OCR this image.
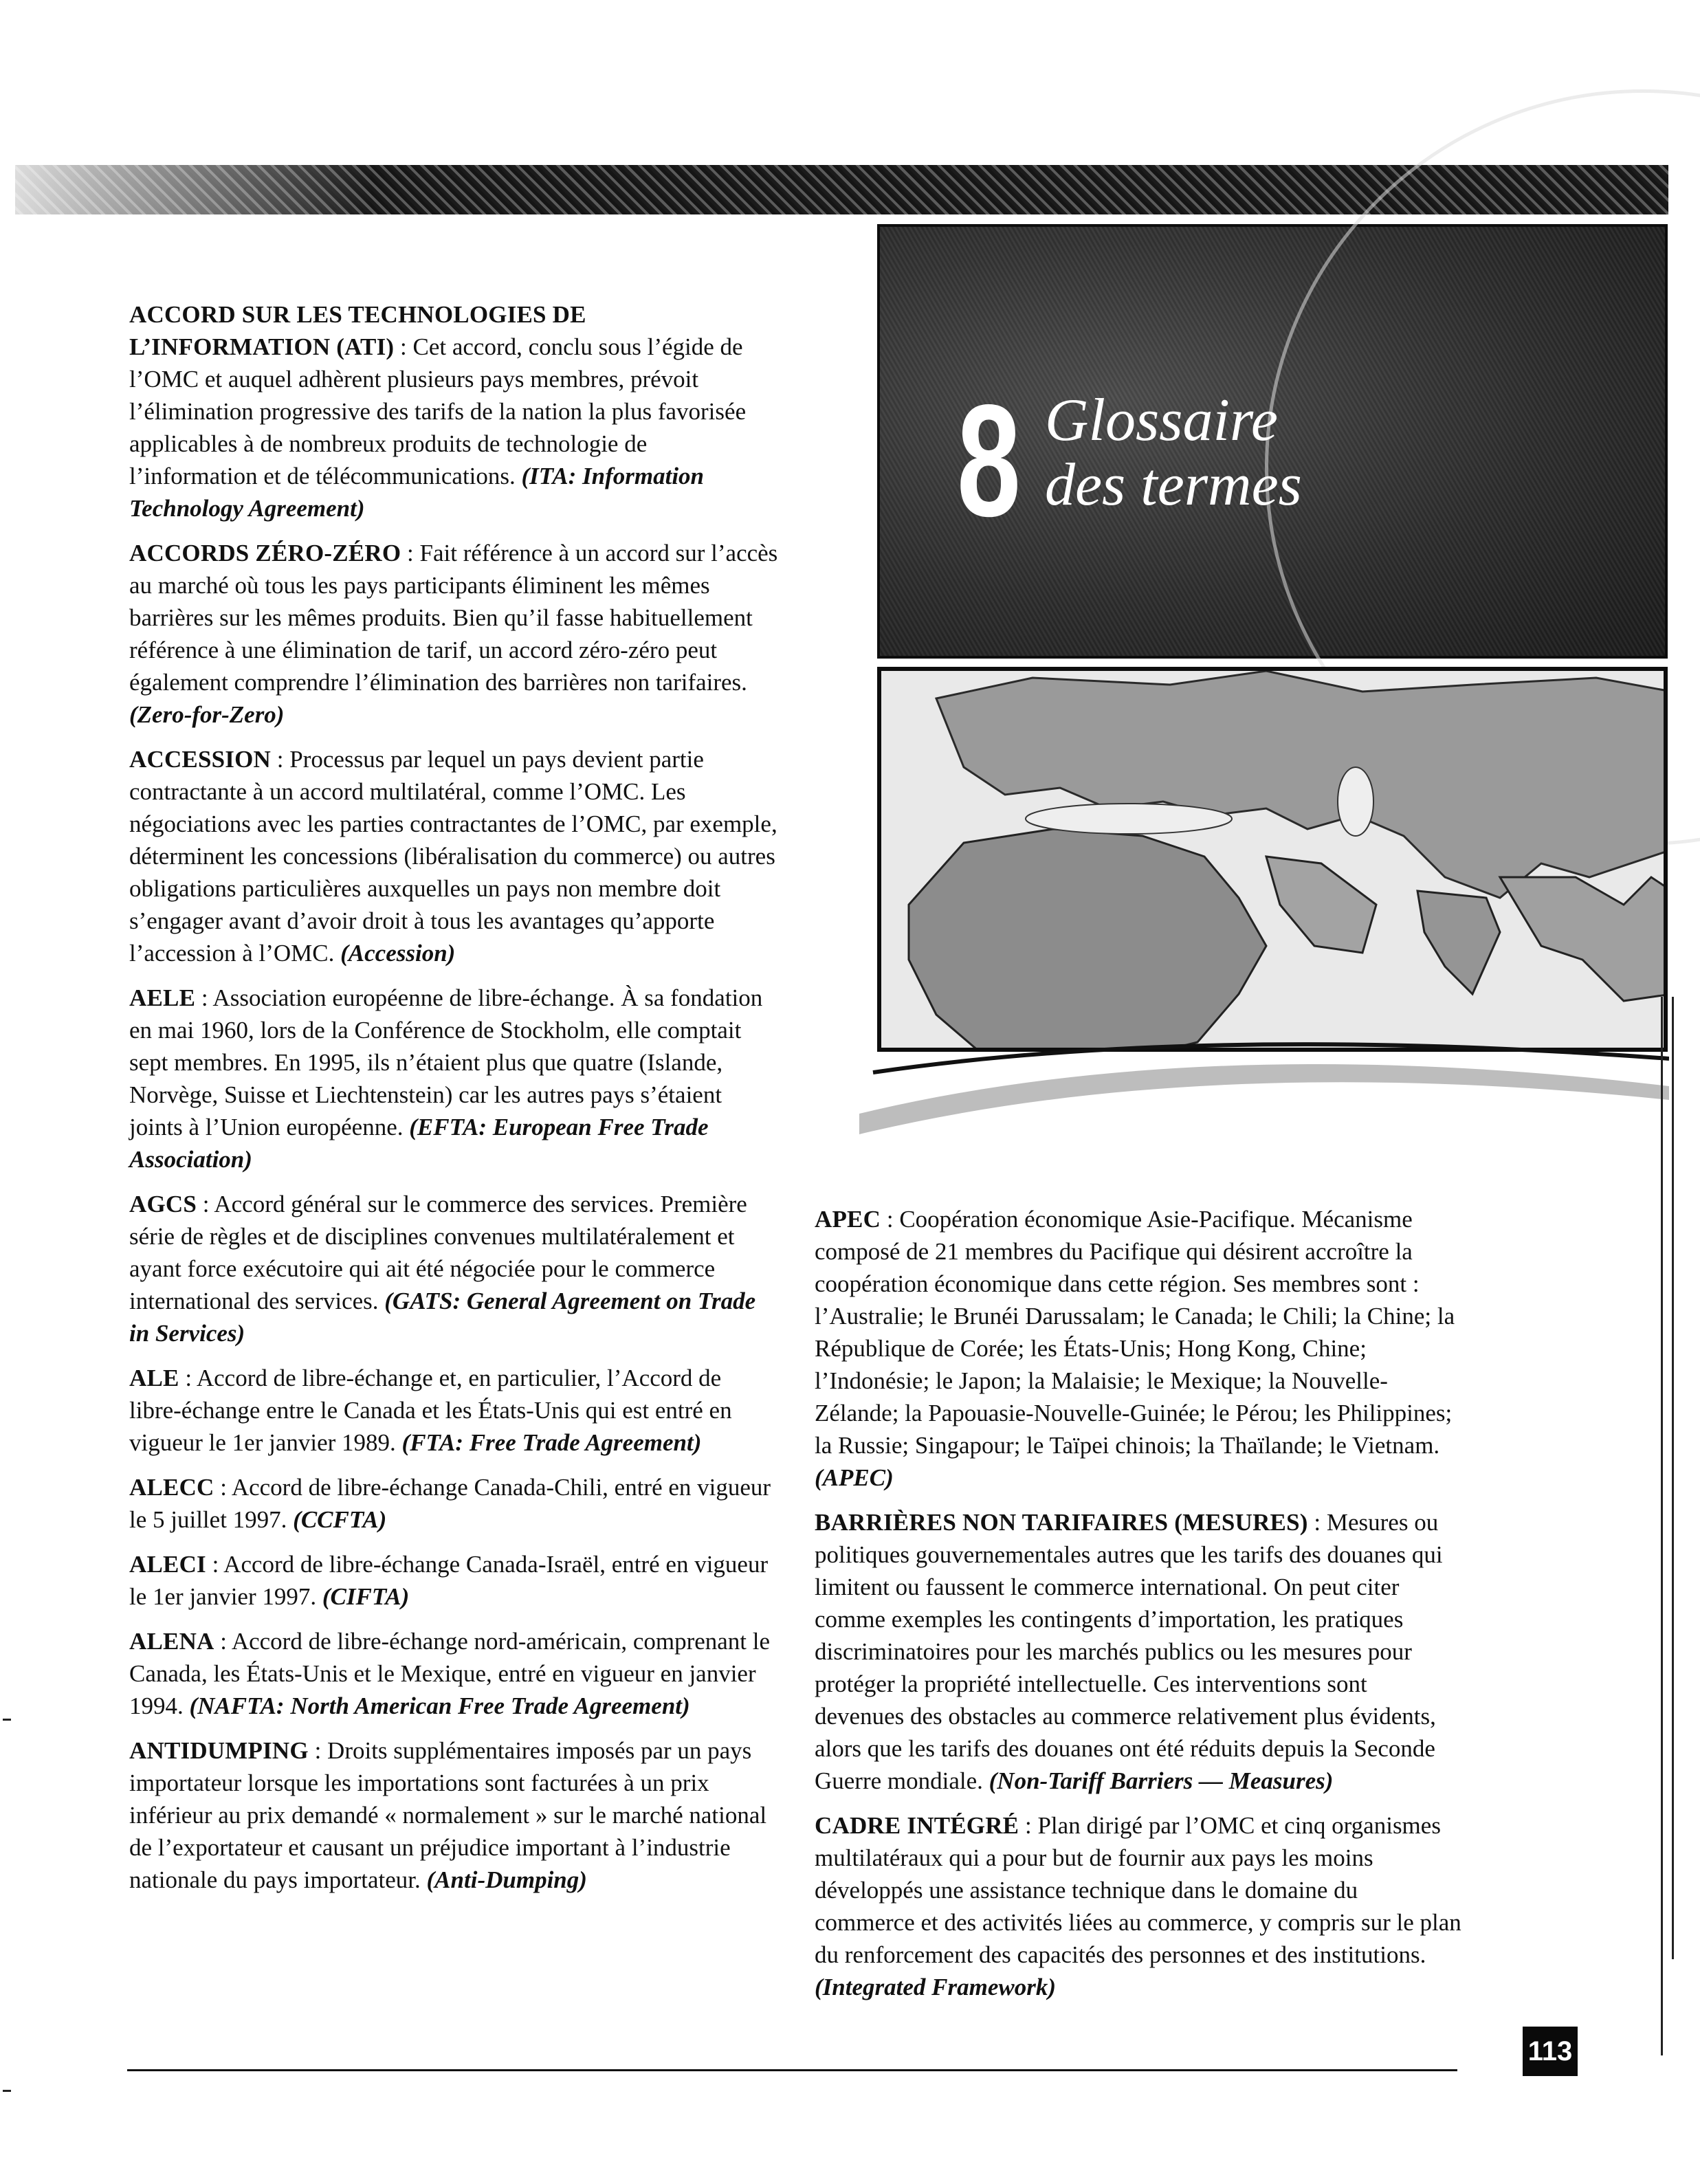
ACCORD SUR LES TECHNOLOGIES DE L’INFORMATION (ATI) : Cet accord, conclu sous l’égide de l’OMC et auquel adhèrent plusieurs pays membres, prévoit l’élimination progressive des tarifs de la nation la plus favorisée applicables à de nombreux produits de technologie de l’information et de télécommunications. (ITA: Information Technology Agreement)

ACCORDS ZÉRO-ZÉRO : Fait référence à un accord sur l’accès au marché où tous les pays participants éliminent les mêmes barrières sur les mêmes produits. Bien qu’il fasse habituellement référence à une élimination de tarif, un accord zéro-zéro peut également comprendre l’élimination des barrières non tarifaires. (Zero-for-Zero)

ACCESSION : Processus par lequel un pays devient partie contractante à un accord multilatéral, comme l’OMC. Les négociations avec les parties contractantes de l’OMC, par exemple, déterminent les concessions (libéralisation du commerce) ou autres obligations particulières auxquelles un pays non membre doit s’engager avant d’avoir droit à tous les avantages qu’apporte l’accession à l’OMC. (Accession)

AELE : Association européenne de libre-échange. À sa fondation en mai 1960, lors de la Conférence de Stockholm, elle comptait sept membres. En 1995, ils n’étaient plus que quatre (Islande, Norvège, Suisse et Liechtenstein) car les autres pays s’étaient joints à l’Union européenne. (EFTA: European Free Trade Association)

AGCS : Accord général sur le commerce des services. Première série de règles et de disciplines convenues multilatéralement et ayant force exécutoire qui ait été négociée pour le commerce international des services. (GATS: General Agreement on Trade in Services)

ALE : Accord de libre-échange et, en particulier, l’Accord de libre-échange entre le Canada et les États-Unis qui est entré en vigueur le 1er janvier 1989. (FTA: Free Trade Agreement)

ALECC : Accord de libre-échange Canada-Chili, entré en vigueur le 5 juillet 1997. (CCFTA)

ALECI : Accord de libre-échange Canada-Israël, entré en vigueur le 1er janvier 1997. (CIFTA)

ALENA : Accord de libre-échange nord-américain, comprenant le Canada, les États-Unis et le Mexique, entré en vigueur en janvier 1994. (NAFTA: North American Free Trade Agreement)

ANTIDUMPING : Droits supplémentaires imposés par un pays importateur lorsque les importations sont facturées à un prix inférieur au prix demandé « normalement » sur le marché national de l’exportateur et causant un préjudice important à l’industrie nationale du pays importateur. (Anti-Dumping)

8 Glossaire
des termes

APEC : Coopération économique Asie-Pacifique. Mécanisme composé de 21 membres du Pacifique qui désirent accroître la coopération économique dans cette région. Ses membres sont : l’Australie; le Brunéi Darussalam; le Canada; le Chili; la Chine; la République de Corée; les États-Unis; Hong Kong, Chine; l’Indonésie; le Japon; la Malaisie; le Mexique; la Nouvelle-Zélande; la Papouasie-Nouvelle-Guinée; le Pérou; les Philippines; la Russie; Singapour; le Taïpei chinois; la Thaïlande; le Vietnam. (APEC)

BARRIÈRES NON TARIFAIRES (MESURES) : Mesures ou politiques gouvernementales autres que les tarifs des douanes qui limitent ou faussent le commerce international. On peut citer comme exemples les contingents d’importation, les pratiques discriminatoires pour les marchés publics ou les mesures pour protéger la propriété intellectuelle. Ces interventions sont devenues des obstacles au commerce relativement plus évidents, alors que les tarifs des douanes ont été réduits depuis la Seconde Guerre mondiale. (Non-Tariff Barriers — Measures)

CADRE INTÉGRÉ : Plan dirigé par l’OMC et cinq organismes multilatéraux qui a pour but de fournir aux pays les moins développés une assistance technique dans le domaine du commerce et des activités liées au commerce, y compris sur le plan du renforcement des capacités des personnes et des institutions. (Integrated Framework)

113
